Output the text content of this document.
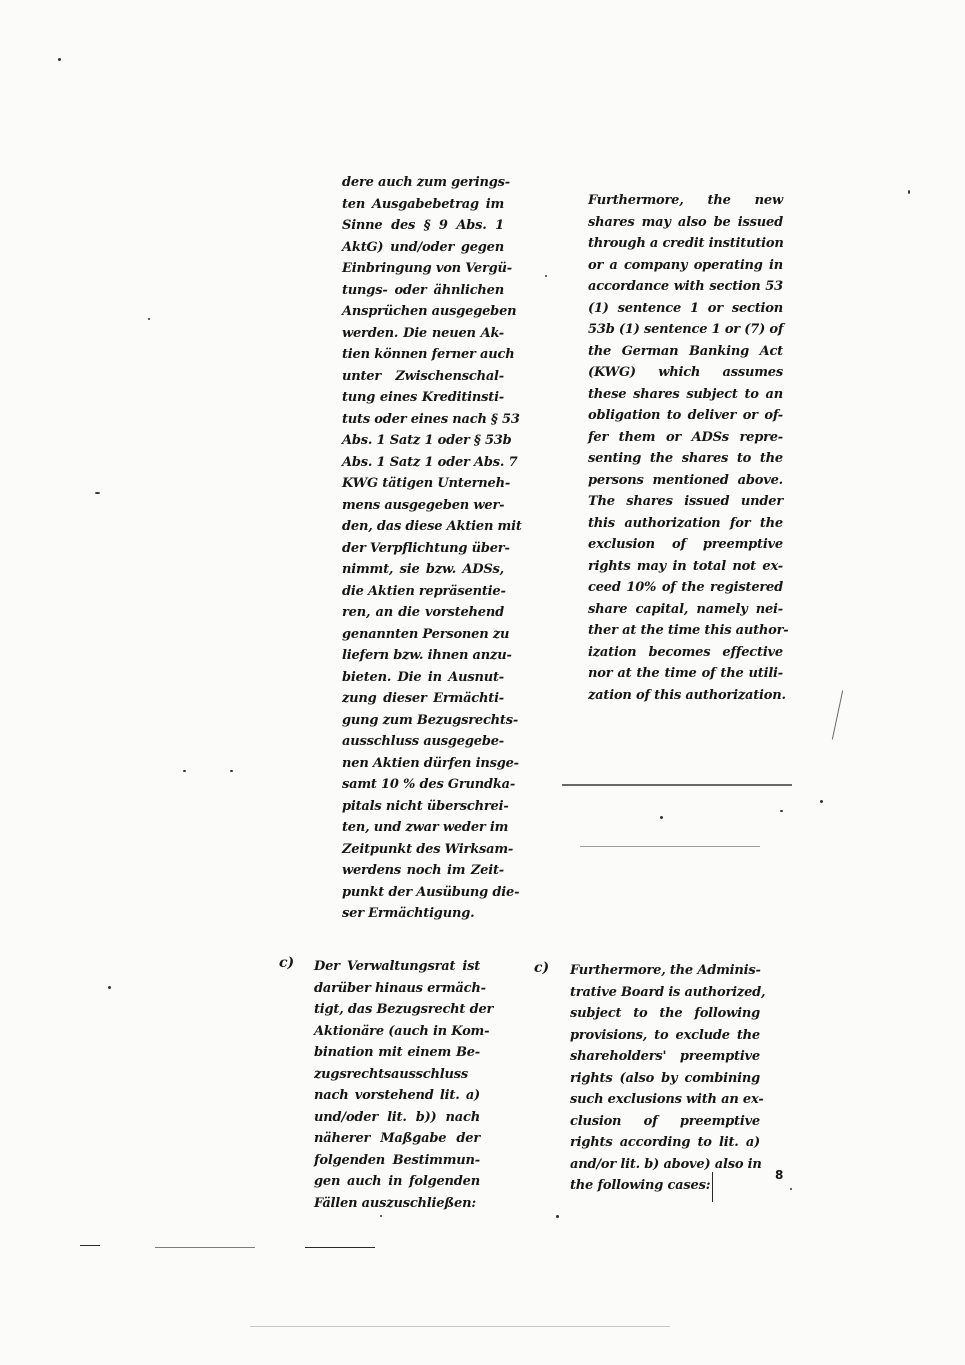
dere auch zum gerings-
ten Ausgabebetrag im
Sinne des § 9 Abs. 1
AktG) und/oder gegen
Einbringung von Vergü-
tungs- oder ähnlichen
Ansprüchen ausgegeben
werden. Die neuen Ak-
tien können ferner auch
unter Zwischenschal-
tung eines Kreditinsti-
tuts oder eines nach § 53
Abs. 1 Satz 1 oder § 53b
Abs. 1 Satz 1 oder Abs. 7
KWG tätigen Unterneh-
mens ausgegeben wer-
den, das diese Aktien mit
der Verpflichtung über-
nimmt, sie bzw. ADSs,
die Aktien repräsentie-
ren, an die vorstehend
genannten Personen zu
liefern bzw. ihnen anzu-
bieten. Die in Ausnut-
zung dieser Ermächti-
gung zum Bezugsrechts-
ausschluss ausgegebe-
nen Aktien dürfen insge-
samt 10 % des Grundka-
pitals nicht überschrei-
ten, und zwar weder im
Zeitpunkt des Wirksam-
werdens noch im Zeit-
punkt der Ausübung die-
ser Ermächtigung.
Furthermore, the new
shares may also be issued
through a credit institution
or a company operating in
accordance with section 53
(1) sentence 1 or section
53b (1) sentence 1 or (7) of
the German Banking Act
(KWG) which assumes
these shares subject to an
obligation to deliver or of-
fer them or ADSs repre-
senting the shares to the
persons mentioned above.
The shares issued under
this authorization for the
exclusion of preemptive
rights may in total not ex-
ceed 10% of the registered
share capital, namely nei-
ther at the time this author-
ization becomes effective
nor at the time of the utili-
zation of this authorization.
c) Der Verwaltungsrat ist
darüber hinaus ermäch-
tigt, das Bezugsrecht der
Aktionäre (auch in Kom-
bination mit einem Be-
zugsrechtsausschluss
nach vorstehend lit. a)
und/oder lit. b)) nach
näherer Maßgabe der
folgenden Bestimmun-
gen auch in folgenden
Fällen auszuschließen:
c) Furthermore, the Adminis-
trative Board is authorized,
subject to the following
provisions, to exclude the
shareholders' preemptive
rights (also by combining
such exclusions with an ex-
clusion of preemptive
rights according to lit. a)
and/or lit. b) above) also in
the following cases:
8
